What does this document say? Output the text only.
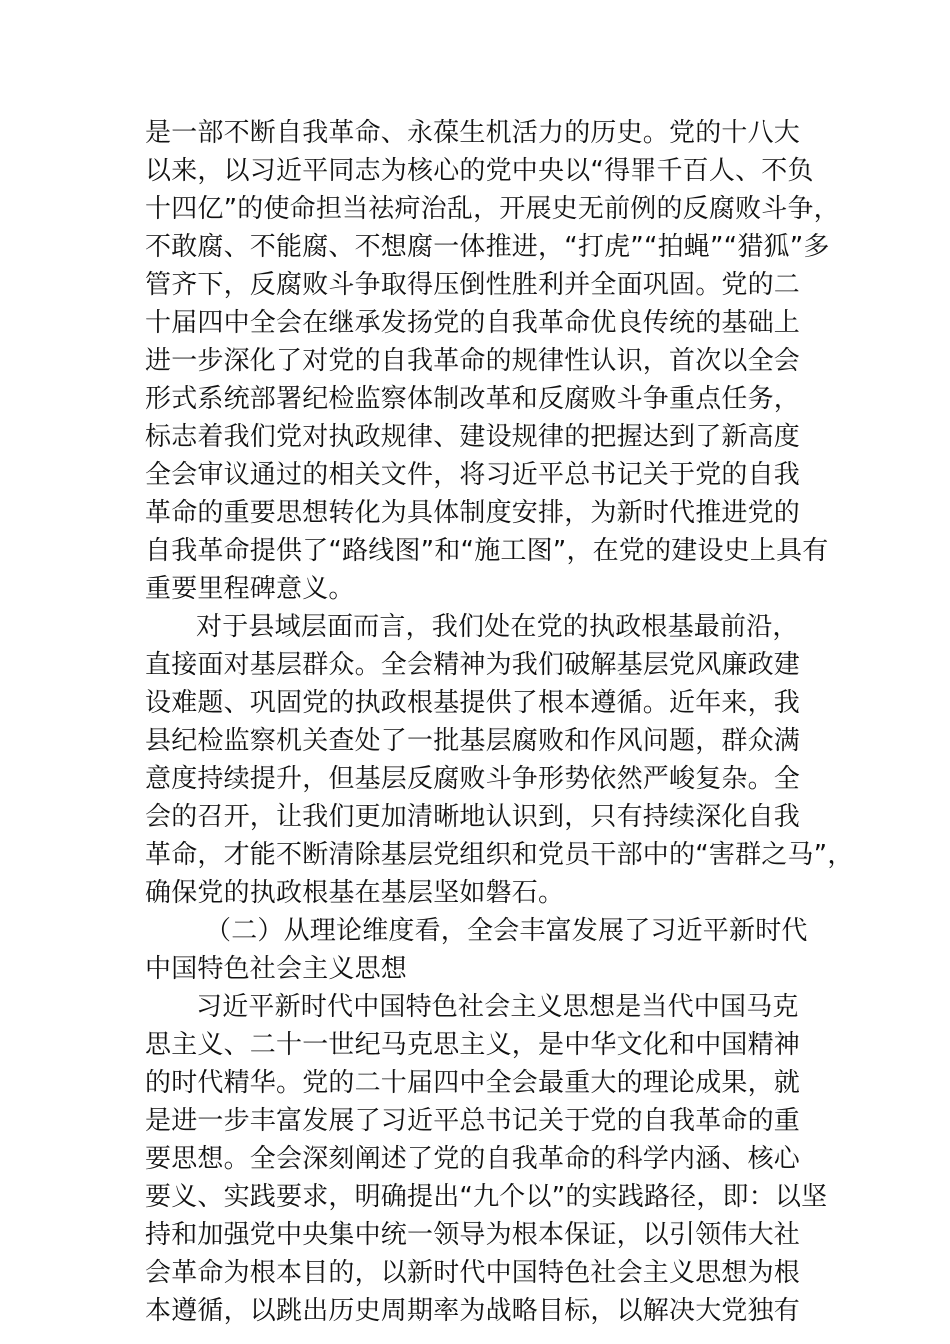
是一部不断自我革命、永葆生机活力的历史。党的十八大
以来，以习近平同志为核心的党中央以“得罪千百人、不负
十四亿”的使命担当祛疴治乱，开展史无前例的反腐败斗争，
不敢腐、不能腐、不想腐一体推进，“打虎”“拍蝇”“猎狐”多
管齐下，反腐败斗争取得压倒性胜利并全面巩固。党的二
十届四中全会在继承发扬党的自我革命优良传统的基础上
进一步深化了对党的自我革命的规律性认识，首次以全会
形式系统部署纪检监察体制改革和反腐败斗争重点任务，
标志着我们党对执政规律、建设规律的把握达到了新高度
全会审议通过的相关文件，将习近平总书记关于党的自我
革命的重要思想转化为具体制度安排，为新时代推进党的
自我革命提供了“路线图”和“施工图”，在党的建设史上具有
重要里程碑意义。
对于县域层面而言，我们处在党的执政根基最前沿，
直接面对基层群众。全会精神为我们破解基层党风廉政建
设难题、巩固党的执政根基提供了根本遵循。近年来，我
县纪检监察机关查处了一批基层腐败和作风问题，群众满
意度持续提升，但基层反腐败斗争形势依然严峻复杂。全
会的召开，让我们更加清晰地认识到，只有持续深化自我
革命，才能不断清除基层党组织和党员干部中的“害群之马”，
确保党的执政根基在基层坚如磐石。
（二）从理论维度看，全会丰富发展了习近平新时代
中国特色社会主义思想
习近平新时代中国特色社会主义思想是当代中国马克
思主义、二十一世纪马克思主义，是中华文化和中国精神
的时代精华。党的二十届四中全会最重大的理论成果，就
是进一步丰富发展了习近平总书记关于党的自我革命的重
要思想。全会深刻阐述了党的自我革命的科学内涵、核心
要义、实践要求，明确提出“九个以”的实践路径，即：以坚
持和加强党中央集中统一领导为根本保证，以引领伟大社
会革命为根本目的，以新时代中国特色社会主义思想为根
本遵循，以跳出历史周期率为战略目标，以解决大党独有
